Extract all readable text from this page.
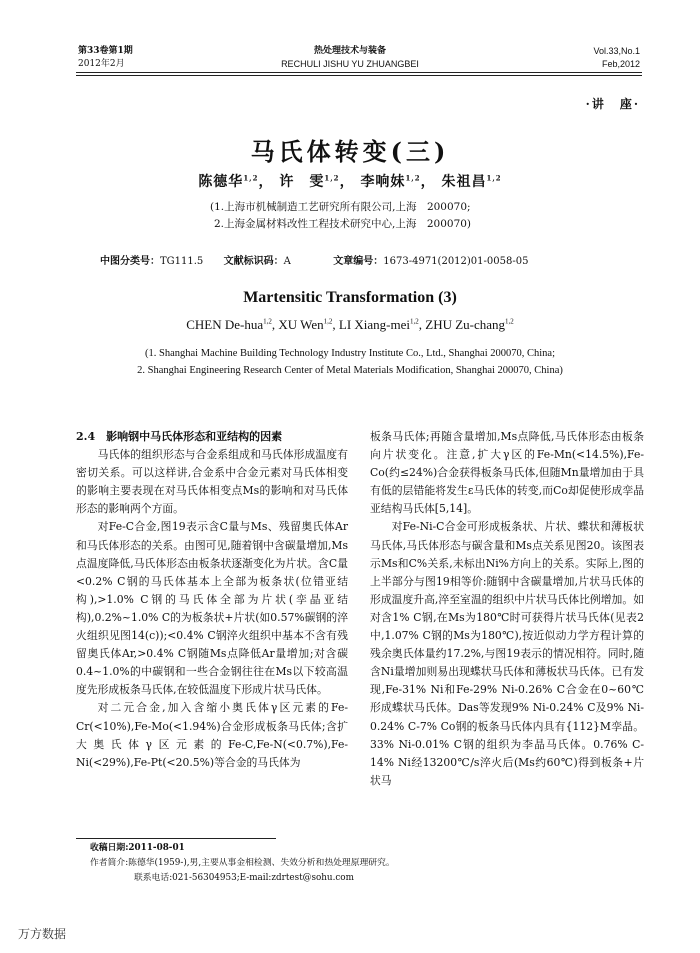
第33卷第1期
2012年2月
热处理技术与装备
RECHULI JISHU YU ZHUANGBEI
Vol.33,No.1
Feb,2012
·讲　座·
马氏体转变(三)
陈德华$^{1,2}$， 许　雯$^{1,2}$， 李响妹$^{1,2}$， 朱祖昌$^{1,2}$
(1.上海市机械制造工艺研究所有限公司,上海　200070;
2.上海金属材料改性工程技术研究中心,上海　200070)
中图分类号：TG111.5 文献标识码：A	文章编号：1673-4971(2012)01-0058-05
Martensitic Transformation (3)
CHEN De-hua$^{1,2}$, XU Wen$^{1,2}$, LI Xiang-mei$^{1,2}$, ZHU Zu-chang$^{1,2}$
(1. Shanghai Machine Building Technology Industry Institute Co., Ltd., Shanghai 200070, China;
2. Shanghai Engineering Research Center of Metal Materials Modification, Shanghai 200070, China)

2.4　影响钢中马氏体形态和亚结构的因素

马氏体的组织形态与合金系组成和马氏体形成温度有密切关系。可以这样讲,合金系中合金元素对马氏体相变的影响主要表现在对马氏体相变点Ms的影响和对马氏体形态的影响两个方面。

对Fe-C合金,图19表示含C量与Ms、残留奥氏体Ar和马氏体形态的关系。由图可见,随着钢中含碳量增加,Ms点温度降低,马氏体形态由板条状逐渐变化为片状。含C量<0.2% C钢的马氏体基本上全部为板条状(位错亚结构),>1.0% C钢的马氏体全部为片状(孪晶亚结构),0.2%~1.0% C的为板条状+片状(如0.57%碳钢的淬火组织见图14(c));<0.4% C钢淬火组织中基本不含有残留奥氏体Ar,>0.4% C钢随Ms点降低Ar量增加;对含碳0.4~1.0%的中碳钢和一些合金钢往往在Ms以下较高温度先形成板条马氏体,在较低温度下形成片状马氏体。

对二元合金,加入含缩小奥氏体γ区元素的Fe-Cr(<10%),Fe-Mo(<1.94%)合金形成板条马氏体;含扩大奥氏体γ区元素的Fe-C,Fe-N(<0.7%),Fe-Ni(<29%),Fe-Pt(<20.5%)等合金的马氏体为

板条马氏体;再随含量增加,Ms点降低,马氏体形态由板条向片状变化。注意,扩大γ区的Fe-Mn(<14.5%),Fe-Co(约≤24%)合金获得板条马氏体,但随Mn量增加由于具有低的层错能将发生ε马氏体的转变,而Co却促使形成孪晶亚结构马氏体[5,14]。

对Fe-Ni-C合金可形成板条状、片状、蝶状和薄板状马氏体,马氏体形态与碳含量和Ms点关系见图20。该图表示Ms和C%关系,未标出Ni%方向上的关系。实际上,图的上半部分与图19相等价:随钢中含碳量增加,片状马氏体的形成温度升高,淬至室温的组织中片状马氏体比例增加。如对含1% C钢,在Ms为180℃时可获得片状马氏体(见表2中,1.07% C钢的Ms为180℃),按近似动力学方程计算的残余奥氏体量约17.2%,与图19表示的情况相符。同时,随含Ni量增加则易出现蝶状马氏体和薄板状马氏体。已有发现,Fe-31% Ni和Fe-29% Ni-0.26% C合金在0~60℃形成蝶状马氏体。Das等发现9% Ni-0.24% C及9% Ni-0.24% C-7% Co钢的板条马氏体内具有{112}M孪晶。33% Ni-0.01% C钢的组织为李晶马氏体。0.76% C-14% Ni经13200℃/s淬火后(Ms约60℃)得到板条+片状马

收稿日期:2011-08-01
作者简介:陈德华(1959-),男,主要从事金相检测、失效分析和热处理原理研究。
联系电话:021-56304953;E-mail:zdrtest@sohu.com
万方数据
